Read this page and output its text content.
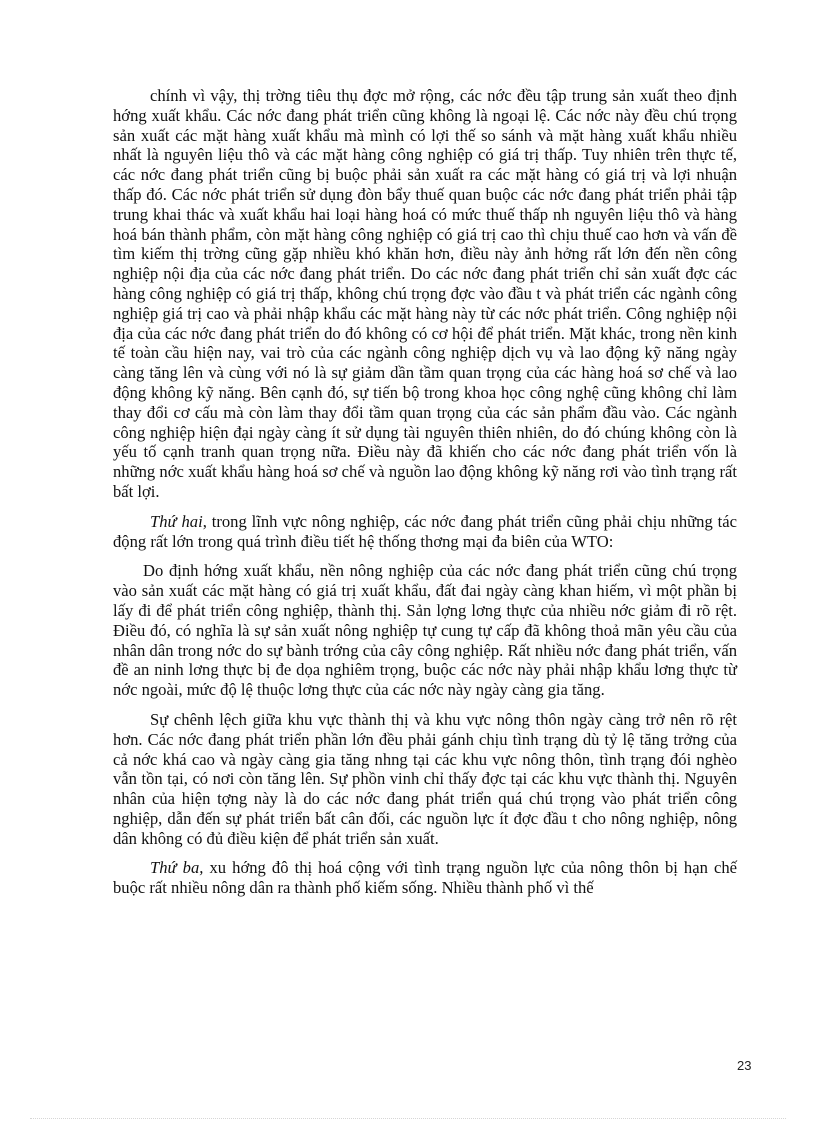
chính vì vậy, thị trờng tiêu thụ đợc mở rộng, các nớc đều tập trung sản xuất theo định hớng xuất khẩu. Các nớc đang phát triển cũng không là ngoại lệ. Các nớc này đều chú trọng sản xuất các mặt hàng xuất khẩu mà mình có lợi thế so sánh và mặt hàng xuất khẩu nhiều nhất là nguyên liệu thô và các mặt hàng công nghiệp có giá trị thấp. Tuy nhiên trên thực tế, các nớc đang phát triển cũng bị buộc phải sản xuất ra các mặt hàng có giá trị và lợi nhuận thấp đó. Các nớc phát triển sử dụng đòn bẩy thuế quan buộc các nớc đang phát triển phải tập trung khai thác và xuất khẩu hai loại hàng hoá có mức thuế thấp nh nguyên liệu thô và hàng hoá bán thành phẩm, còn mặt hàng công nghiệp có giá trị cao thì chịu thuế cao hơn và vấn đề tìm kiếm thị trờng cũng gặp nhiều khó khăn hơn, điều này ảnh hởng rất lớn đến nền công nghiệp nội địa của các nớc đang phát triển. Do các nớc đang phát triển chỉ sản xuất đợc các hàng công nghiệp có giá trị thấp, không chú trọng đợc vào đầu t và phát triển các ngành công nghiệp giá trị cao và phải nhập khẩu các mặt hàng này từ các nớc phát triển. Công nghiệp nội địa của các nớc đang phát triển do đó không có cơ hội để phát triển. Mặt khác, trong nền kinh tế toàn cầu hiện nay, vai trò của các ngành công nghiệp dịch vụ và lao động kỹ năng ngày càng tăng lên và cùng với nó là sự giảm dần tầm quan trọng của các hàng hoá sơ chế và lao động không kỹ năng. Bên cạnh đó, sự tiến bộ trong khoa học công nghệ cũng không chỉ làm thay đổi cơ cấu mà còn làm thay đổi tầm quan trọng của các sản phẩm đầu vào. Các ngành công nghiệp hiện đại ngày càng ít sử dụng tài nguyên thiên nhiên, do đó chúng không còn là yếu tố cạnh tranh quan trọng nữa. Điều này đã khiến cho các nớc đang phát triển vốn là những nớc xuất khẩu hàng hoá sơ chế và nguồn lao động không kỹ năng rơi vào tình trạng rất bất lợi.

Thứ hai, trong lĩnh vực nông nghiệp, các nớc đang phát triển cũng phải chịu những tác động rất lớn trong quá trình điều tiết hệ thống thơng mại đa biên của WTO:

Do định hớng xuất khẩu, nền nông nghiệp của các nớc đang phát triển cũng chú trọng vào sản xuất các mặt hàng có giá trị xuất khẩu, đất đai ngày càng khan hiếm, vì một phần bị lấy đi để phát triển công nghiệp, thành thị. Sản lợng lơng thực của nhiều nớc giảm đi rõ rệt. Điều đó, có nghĩa là sự sản xuất nông nghiệp tự cung tự cấp đã không thoả mãn yêu cầu của nhân dân trong nớc do sự bành trớng của cây công nghiệp. Rất nhiều nớc đang phát triển, vấn đề an ninh lơng thực bị đe dọa nghiêm trọng, buộc các nớc này phải nhập khẩu lơng thực từ nớc ngoài, mức độ lệ thuộc lơng thực của các nớc này ngày càng gia tăng.

Sự chênh lệch giữa khu vực thành thị và khu vực nông thôn ngày càng trở nên rõ rệt hơn. Các nớc đang phát triển phần lớn đều phải gánh chịu tình trạng dù tỷ lệ tăng trởng của cả nớc khá cao và ngày càng gia tăng nhng tại các khu vực nông thôn, tình trạng đói nghèo vẫn tồn tại, có nơi còn tăng lên. Sự phồn vinh chỉ thấy đợc tại các khu vực thành thị. Nguyên nhân của hiện tợng này là do các nớc đang phát triển quá chú trọng vào phát triển công nghiệp, dẫn đến sự phát triển bất cân đối, các nguồn lực ít đợc đầu t cho nông nghiệp, nông dân không có đủ điều kiện để phát triển sản xuất.

Thứ ba, xu hớng đô thị hoá cộng với tình trạng nguồn lực của nông thôn bị hạn chế buộc rất nhiều nông dân ra thành phố kiếm sống. Nhiều thành phố vì thế

23
